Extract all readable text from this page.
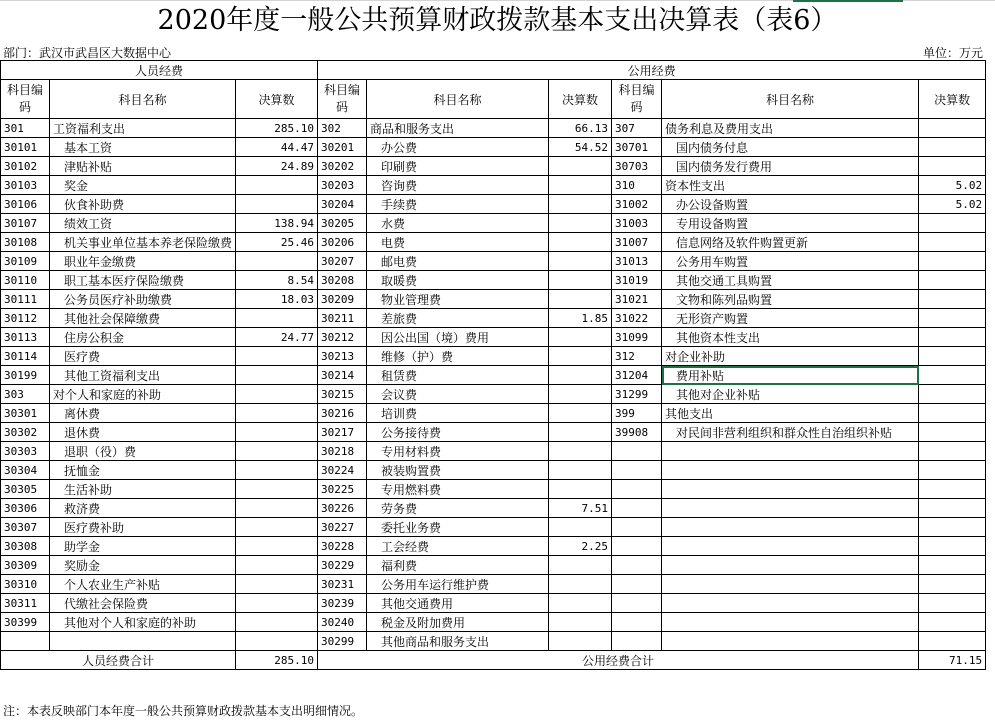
2020年度一般公共预算财政拨款基本支出决算表（表6）
部门：武汉市武昌区大数据中心	单位：万元
人员经费			公用经费					
科目编码	科目名称	决算数	科目编码	科目名称	决算数	科目编码	科目名称	决算数
301	工资福利支出	285.10	302	商品和服务支出	66.13	307	债务利息及费用支出	
30101	基本工资	44.47	30201	办公费	54.52	30701	国内债务付息	
30102	津贴补贴	24.89	30202	印刷费		30703	国内债务发行费用	
30103	奖金		30203	咨询费		310	资本性支出	5.02
30106	伙食补助费		30204	手续费		31002	办公设备购置	5.02
30107	绩效工资	138.94	30205	水费		31003	专用设备购置	
30108	机关事业单位基本养老保险缴费	25.46	30206	电费		31007	信息网络及软件购置更新	
30109	职业年金缴费		30207	邮电费		31013	公务用车购置	
30110	职工基本医疗保险缴费	8.54	30208	取暖费		31019	其他交通工具购置	
30111	公务员医疗补助缴费	18.03	30209	物业管理费		31021	文物和陈列品购置	
30112	其他社会保障缴费		30211	差旅费	1.85	31022	无形资产购置	
30113	住房公积金	24.77	30212	因公出国（境）费用		31099	其他资本性支出	
30114	医疗费		30213	维修（护）费		312	对企业补助	
30199	其他工资福利支出		30214	租赁费		31204	费用补贴	
303	对个人和家庭的补助		30215	会议费		31299	其他对企业补贴	
30301	离休费		30216	培训费		399	其他支出	
30302	退休费		30217	公务接待费		39908	对民间非营利组织和群众性自治组织补贴	
30303	退职（役）费		30218	专用材料费				
30304	抚恤金		30224	被装购置费				
30305	生活补助		30225	专用燃料费				
30306	救济费		30226	劳务费	7.51			
30307	医疗费补助		30227	委托业务费				
30308	助学金		30228	工会经费	2.25			
30309	奖励金		30229	福利费				
30310	个人农业生产补贴		30231	公务用车运行维护费				
30311	代缴社会保险费		30239	其他交通费用				
30399	其他对个人和家庭的补助		30240	税金及附加费用				
			30299	其他商品和服务支出				
人员经费合计		285.10	公用经费合计					71.15
注：本表反映部门本年度一般公共预算财政拨款基本支出明细情况。
